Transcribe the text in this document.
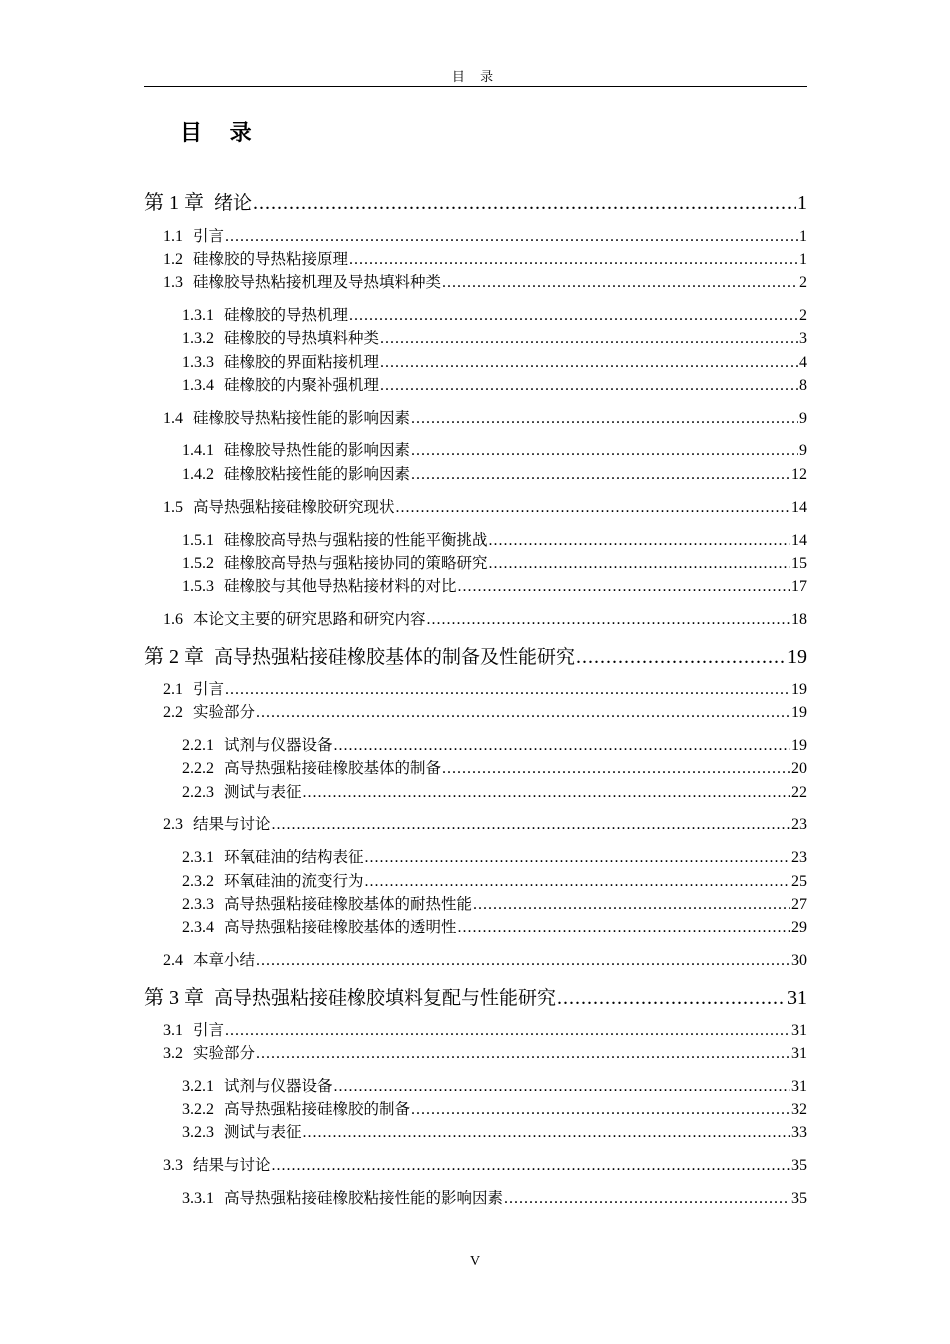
目 录
目 录
第 1 章 绪论 .....	1
1.1 引言 .....	1
1.2 硅橡胶的导热粘接原理 .....	1
1.3 硅橡胶导热粘接机理及导热填料种类 .....	2
1.3.1 硅橡胶的导热机理 .....	2
1.3.2 硅橡胶的导热填料种类 .....	3
1.3.3 硅橡胶的界面粘接机理 .....	4
1.3.4 硅橡胶的内聚补强机理 .....	8
1.4 硅橡胶导热粘接性能的影响因素 .....	9
1.4.1 硅橡胶导热性能的影响因素 .....	9
1.4.2 硅橡胶粘接性能的影响因素 .....	12
1.5 高导热强粘接硅橡胶研究现状 .....	14
1.5.1 硅橡胶高导热与强粘接的性能平衡挑战 .....	14
1.5.2 硅橡胶高导热与强粘接协同的策略研究 .....	15
1.5.3 硅橡胶与其他导热粘接材料的对比 .....	17
1.6 本论文主要的研究思路和研究内容 .....	18
第 2 章 高导热强粘接硅橡胶基体的制备及性能研究 .....	19
2.1 引言 .....	19
2.2 实验部分 .....	19
2.2.1 试剂与仪器设备 .....	19
2.2.2 高导热强粘接硅橡胶基体的制备 .....	20
2.2.3 测试与表征 .....	22
2.3 结果与讨论 .....	23
2.3.1 环氧硅油的结构表征 .....	23
2.3.2 环氧硅油的流变行为 .....	25
2.3.3 高导热强粘接硅橡胶基体的耐热性能 .....	27
2.3.4 高导热强粘接硅橡胶基体的透明性 .....	29
2.4 本章小结 .....	30
第 3 章 高导热强粘接硅橡胶填料复配与性能研究 .....	31
3.1 引言 .....	31
3.2 实验部分 .....	31
3.2.1 试剂与仪器设备 .....	31
3.2.2 高导热强粘接硅橡胶的制备 .....	32
3.2.3 测试与表征 .....	33
3.3 结果与讨论 .....	35
3.3.1 高导热强粘接硅橡胶粘接性能的影响因素 .....	35
V
